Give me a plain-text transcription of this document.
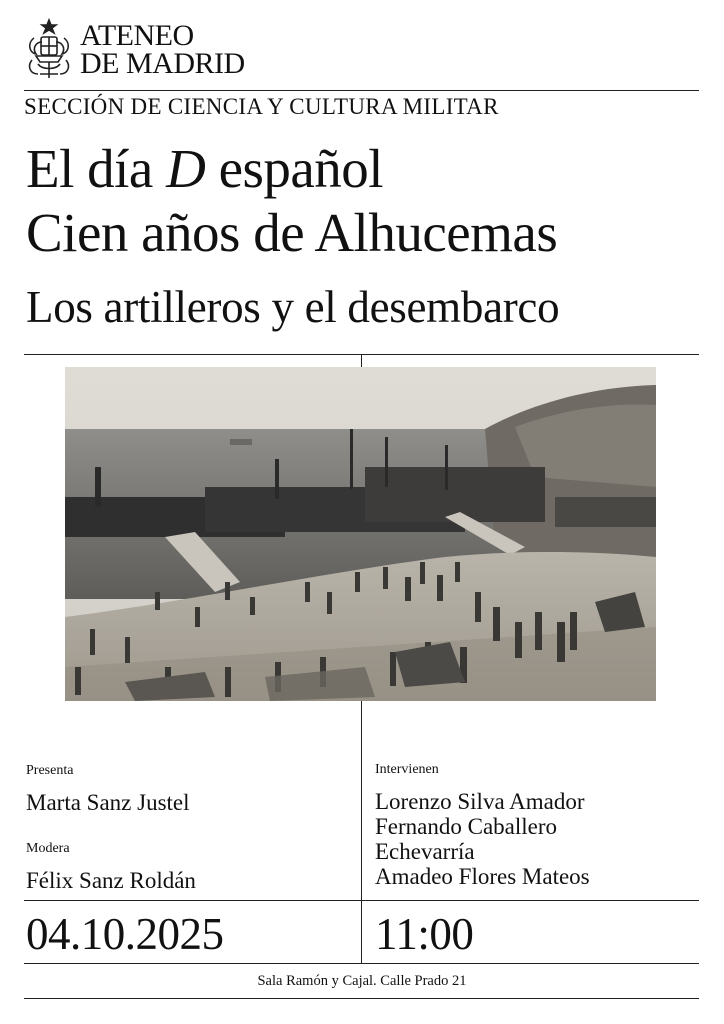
ATENEO
DE MADRID
SECCIÓN DE CIENCIA Y CULTURA MILITAR
El día D español
Cien años de Alhucemas
Los artilleros y el desembarco
Presenta
Marta Sanz Justel
Modera
Félix Sanz Roldán
Intervienen
Lorenzo Silva Amador
Fernando Caballero
Echevarría
Amadeo Flores Mateos
04.10.2025	11:00
Sala Ramón y Cajal. Calle Prado 21
